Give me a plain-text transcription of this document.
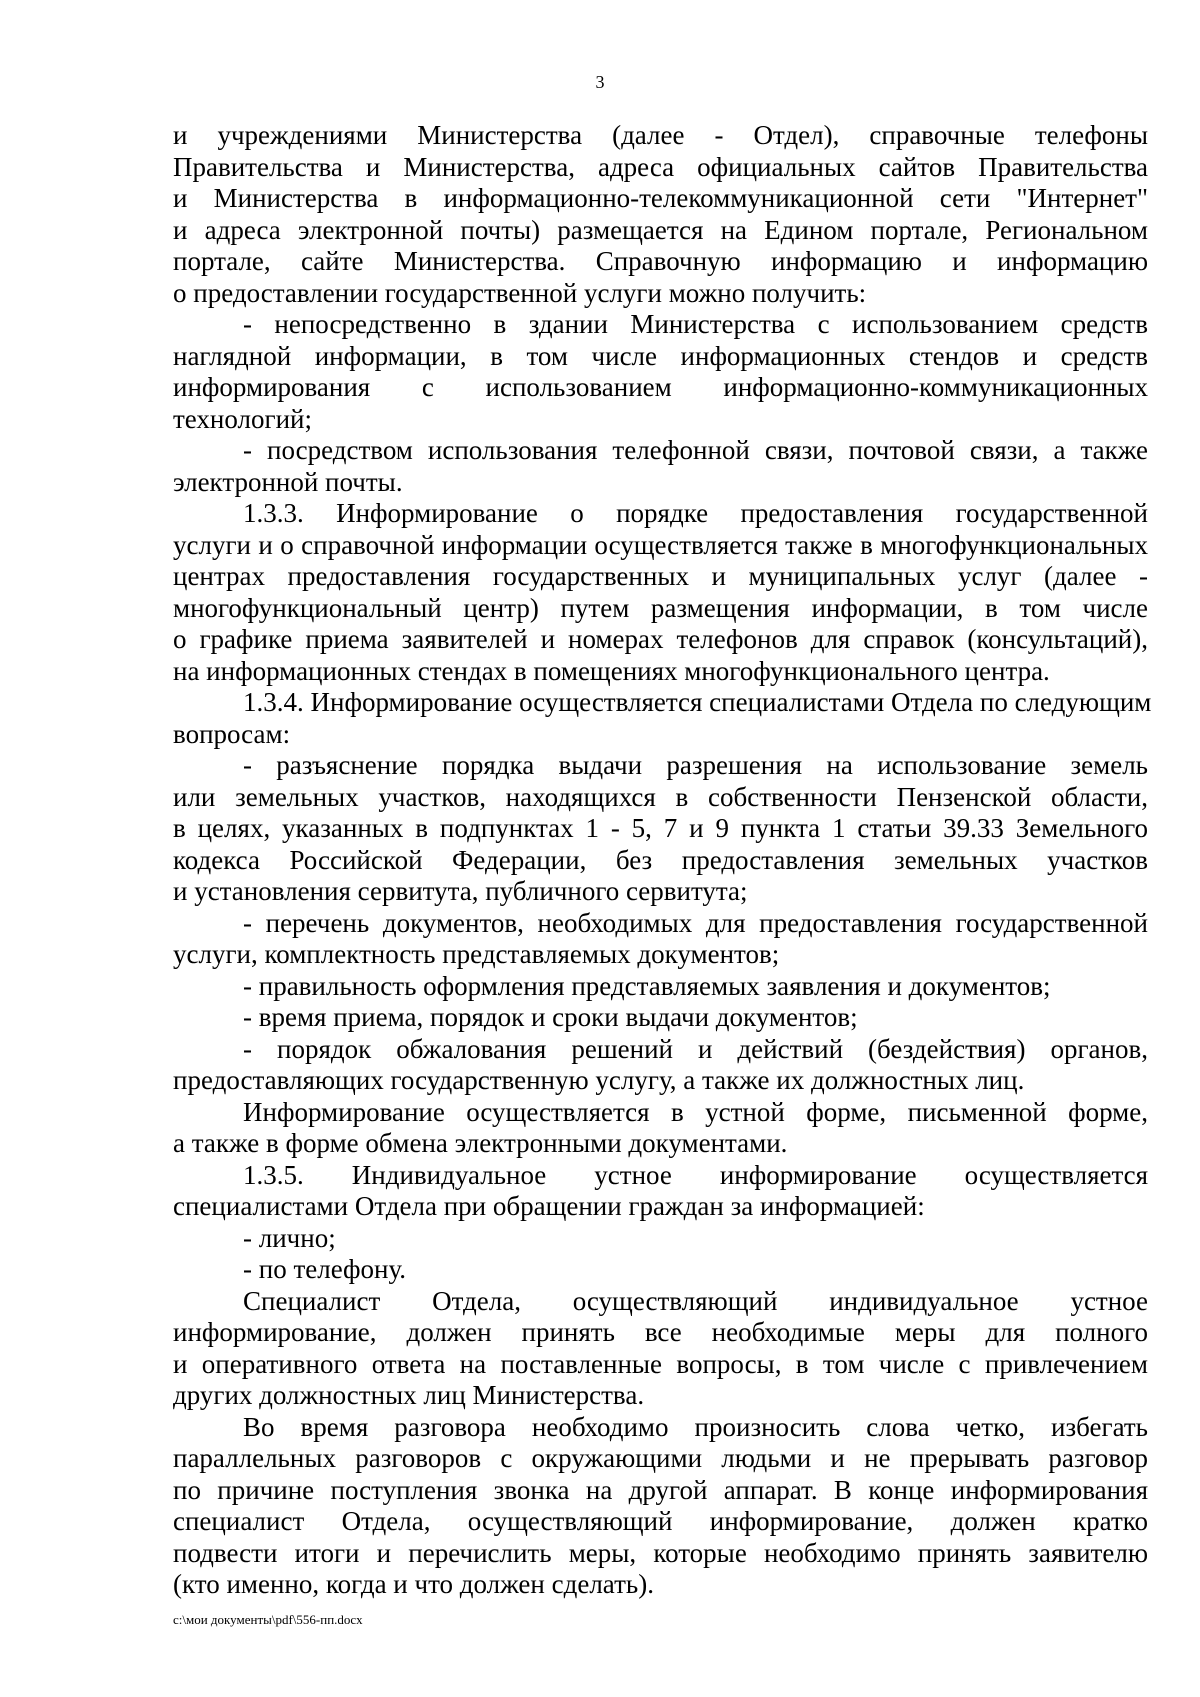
3
и учреждениями Министерства (далее - Отдел), справочные телефоны
Правительства и Министерства, адреса официальных сайтов Правительства
и Министерства в информационно-телекоммуникационной сети "Интернет"
и адреса электронной почты) размещается на Едином портале, Региональном
портале, сайте Министерства. Справочную информацию и информацию
о предоставлении государственной услуги можно получить:
- непосредственно в здании Министерства с использованием средств
наглядной информации, в том числе информационных стендов и средств
информирования с использованием информационно-коммуникационных
технологий;
- посредством использования телефонной связи, почтовой связи, а также
электронной почты.
1.3.3. Информирование о порядке предоставления государственной
услуги и о справочной информации осуществляется также в многофункциональных
центрах предоставления государственных и муниципальных услуг (далее -
многофункциональный центр) путем размещения информации, в том числе
о графике приема заявителей и номерах телефонов для справок (консультаций),
на информационных стендах в помещениях многофункционального центра.
1.3.4. Информирование осуществляется специалистами Отдела по следующим
вопросам:
- разъяснение порядка выдачи разрешения на использование земель
или земельных участков, находящихся в собственности Пензенской области,
в целях, указанных в подпунктах 1 - 5, 7 и 9 пункта 1 статьи 39.33 Земельного
кодекса Российской Федерации, без предоставления земельных участков
и установления сервитута, публичного сервитута;
- перечень документов, необходимых для предоставления государственной
услуги, комплектность представляемых документов;
- правильность оформления представляемых заявления и документов;
- время приема, порядок и сроки выдачи документов;
- порядок обжалования решений и действий (бездействия) органов,
предоставляющих государственную услугу, а также их должностных лиц.
Информирование осуществляется в устной форме, письменной форме,
а также в форме обмена электронными документами.
1.3.5. Индивидуальное устное информирование осуществляется
специалистами Отдела при обращении граждан за информацией:
- лично;
- по телефону.
Специалист Отдела, осуществляющий индивидуальное устное
информирование, должен принять все необходимые меры для полного
и оперативного ответа на поставленные вопросы, в том числе с привлечением
других должностных лиц Министерства.
Во время разговора необходимо произносить слова четко, избегать
параллельных разговоров с окружающими людьми и не прерывать разговор
по причине поступления звонка на другой аппарат. В конце информирования
специалист Отдела, осуществляющий информирование, должен кратко
подвести итоги и перечислить меры, которые необходимо принять заявителю
(кто именно, когда и что должен сделать).
c:\мои документы\pdf\556-пп.docx
